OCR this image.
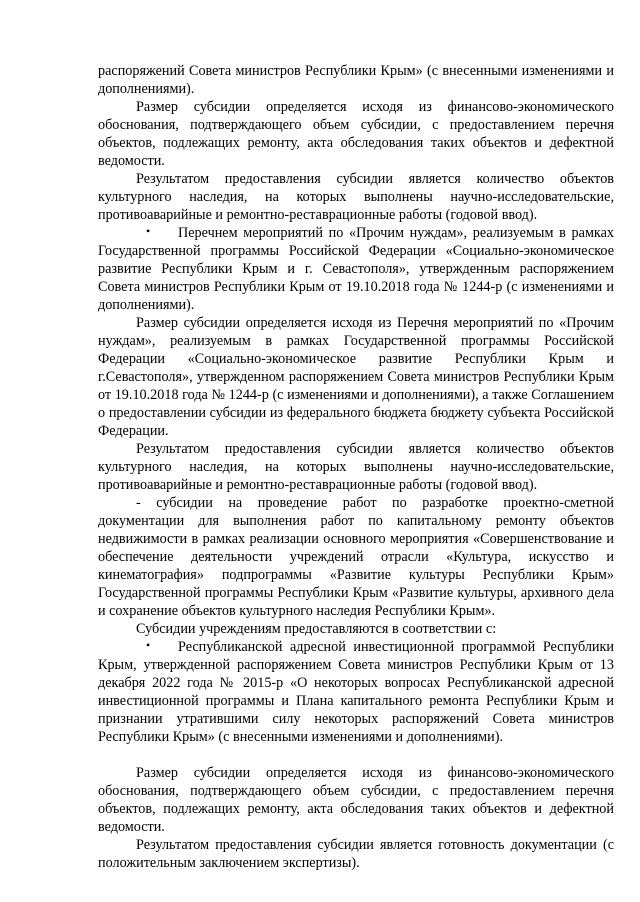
распоряжений Совета министров Республики Крым» (с внесенными изменениями и дополнениями).

Размер субсидии определяется исходя из финансово-экономического обоснования, подтверждающего объем субсидии, с предоставлением перечня объектов, подлежащих ремонту, акта обследования таких объектов и дефектной ведомости.

Результатом предоставления субсидии является количество объектов культурного наследия, на которых выполнены научно-исследовательские, противоаварийные и ремонтно-реставрационные работы (годовой ввод).

•	Перечнем мероприятий по «Прочим нуждам», реализуемым в рамках Государственной программы Российской Федерации «Социально-экономическое развитие Республики Крым и г. Севастополя», утвержденным распоряжением Совета министров Республики Крым от 19.10.2018 года № 1244-р (с изменениями и дополнениями).

Размер субсидии определяется исходя из Перечня мероприятий по «Прочим нуждам», реализуемым в рамках Государственной программы Российской Федерации «Социально-экономическое развитие Республики Крым и г.Севастополя», утвержденном распоряжением Совета министров Республики Крым от 19.10.2018 года № 1244-р (с изменениями и дополнениями), а также Соглашением о предоставлении субсидии из федерального бюджета бюджету субъекта Российской Федерации.

Результатом предоставления субсидии является количество объектов культурного наследия, на которых выполнены научно-исследовательские, противоаварийные и ремонтно-реставрационные работы (годовой ввод).

- субсидии на проведение работ по разработке проектно-сметной документации для выполнения работ по капитальному ремонту объектов недвижимости в рамках реализации основного мероприятия «Совершенствование и обеспечение деятельности учреждений отрасли «Культура, искусство и кинематография» подпрограммы «Развитие культуры Республики Крым» Государственной программы Республики Крым «Развитие культуры, архивного дела и сохранение объектов культурного наследия Республики Крым».

Субсидии учреждениям предоставляются в соответствии с:

•	Республиканской адресной инвестиционной программой Республики Крым, утвержденной распоряжением Совета министров Республики Крым от 13 декабря 2022 года № 2015-р «О некоторых вопросах Республиканской адресной инвестиционной программы и Плана капитального ремонта Республики Крым и признании утратившими силу некоторых распоряжений Совета министров Республики Крым» (с внесенными изменениями и дополнениями).

Размер субсидии определяется исходя из финансово-экономического обоснования, подтверждающего объем субсидии, с предоставлением перечня объектов, подлежащих ремонту, акта обследования таких объектов и дефектной ведомости.

Результатом предоставления субсидии является готовность документации (с положительным заключением экспертизы).
